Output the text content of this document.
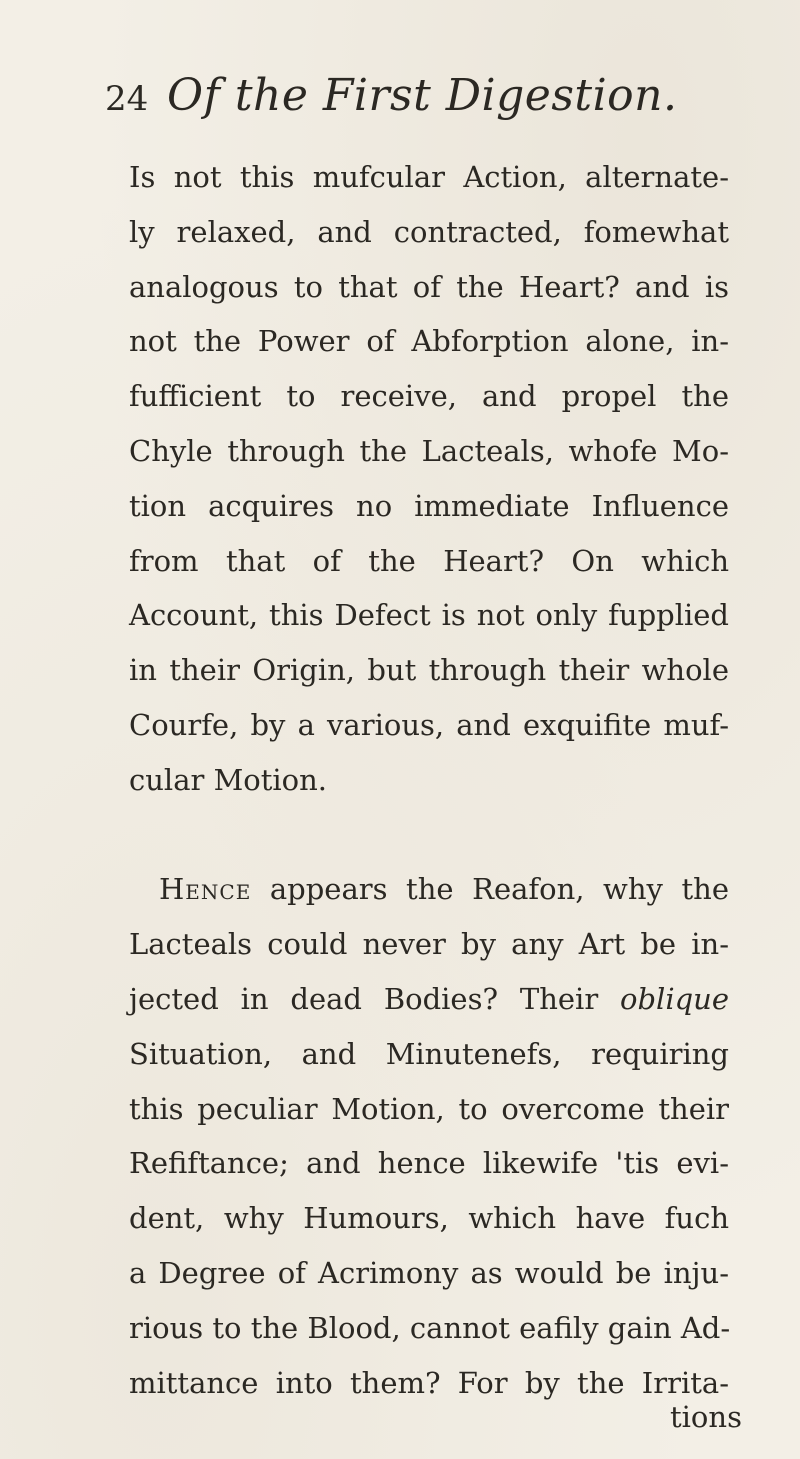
24 Of the First Digestion.
Is not this mufcular Action, alternate-
ly relaxed, and contracted, fomewhat
analogous to that of the Heart? and is
not the Power of Abforption alone, in-
fufficient to receive, and propel the
Chyle through the Lacteals, whofe Mo-
tion acquires no immediate Influence
from that of the Heart? On which
Account, this Defect is not only fupplied
in their Origin, but through their whole
Courfe, by a various, and exquifite muf-
cular Motion.
Hence appears the Reafon, why the
Lacteals could never by any Art be in-
jected in dead Bodies? Their oblique
Situation, and Minutenefs, requiring
this peculiar Motion, to overcome their
Refiftance; and hence likewife 'tis evi-
dent, why Humours, which have fuch
a Degree of Acrimony as would be inju-
rious to the Blood, cannot eafily gain Ad-
mittance into them? For by the Irrita-
tions
